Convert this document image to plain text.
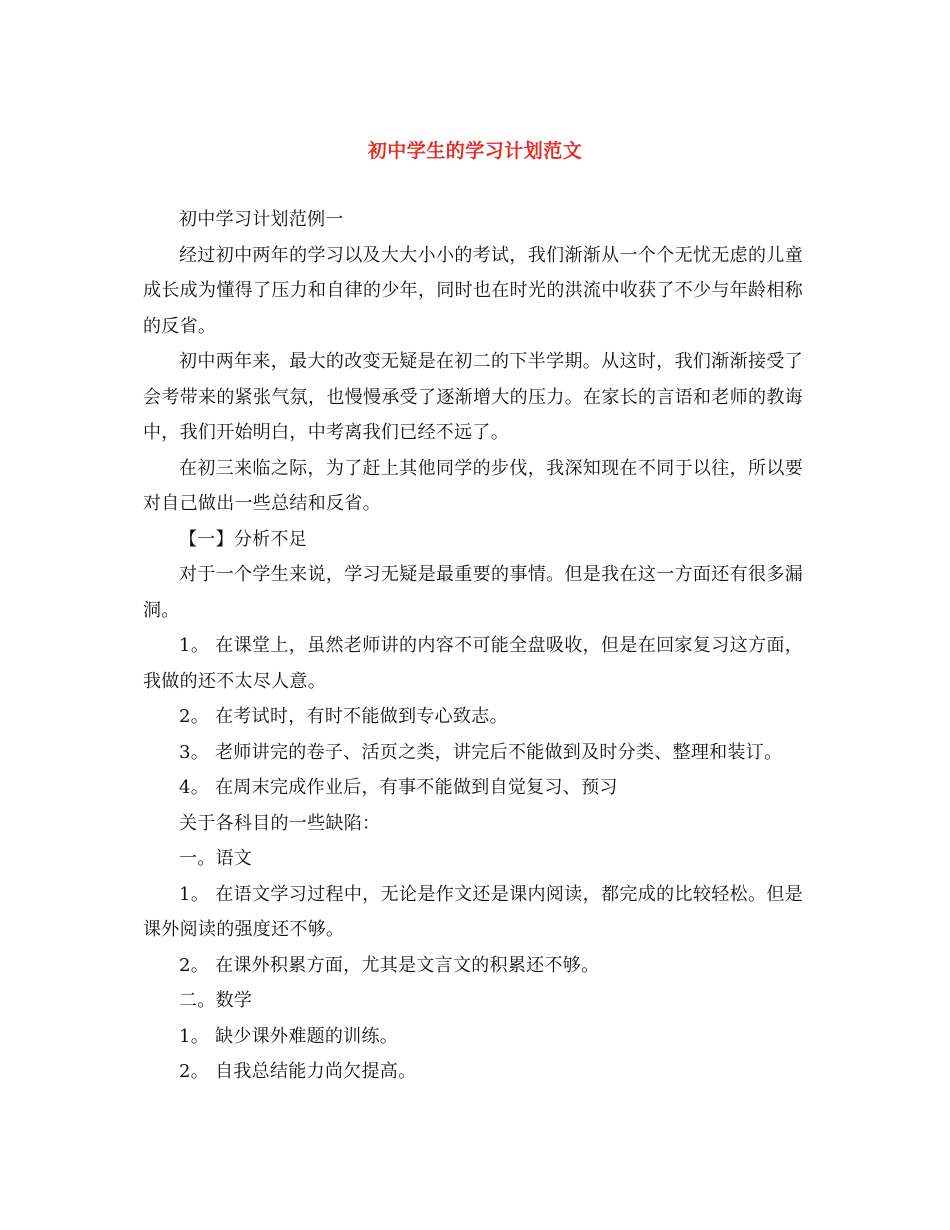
初中学生的学习计划范文

初中学习计划范例一

经过初中两年的学习以及大大小小的考试，我们渐渐从一个个无忧无虑的儿童成长成为懂得了压力和自律的少年，同时也在时光的洪流中收获了不少与年龄相称的反省。

初中两年来，最大的改变无疑是在初二的下半学期。从这时，我们渐渐接受了会考带来的紧张气氛，也慢慢承受了逐渐增大的压力。在家长的言语和老师的教诲中，我们开始明白，中考离我们已经不远了。

在初三来临之际，为了赶上其他同学的步伐，我深知现在不同于以往，所以要对自己做出一些总结和反省。

【一】分析不足

对于一个学生来说，学习无疑是最重要的事情。但是我在这一方面还有很多漏洞。

1。 在课堂上，虽然老师讲的内容不可能全盘吸收，但是在回家复习这方面，我做的还不太尽人意。

2。 在考试时，有时不能做到专心致志。

3。 老师讲完的卷子、活页之类，讲完后不能做到及时分类、整理和装订。

4。 在周末完成作业后，有事不能做到自觉复习、预习

关于各科目的一些缺陷：

一。语文

1。 在语文学习过程中，无论是作文还是课内阅读，都完成的比较轻松。但是课外阅读的强度还不够。

2。 在课外积累方面，尤其是文言文的积累还不够。

二。数学

1。 缺少课外难题的训练。

2。 自我总结能力尚欠提高。
